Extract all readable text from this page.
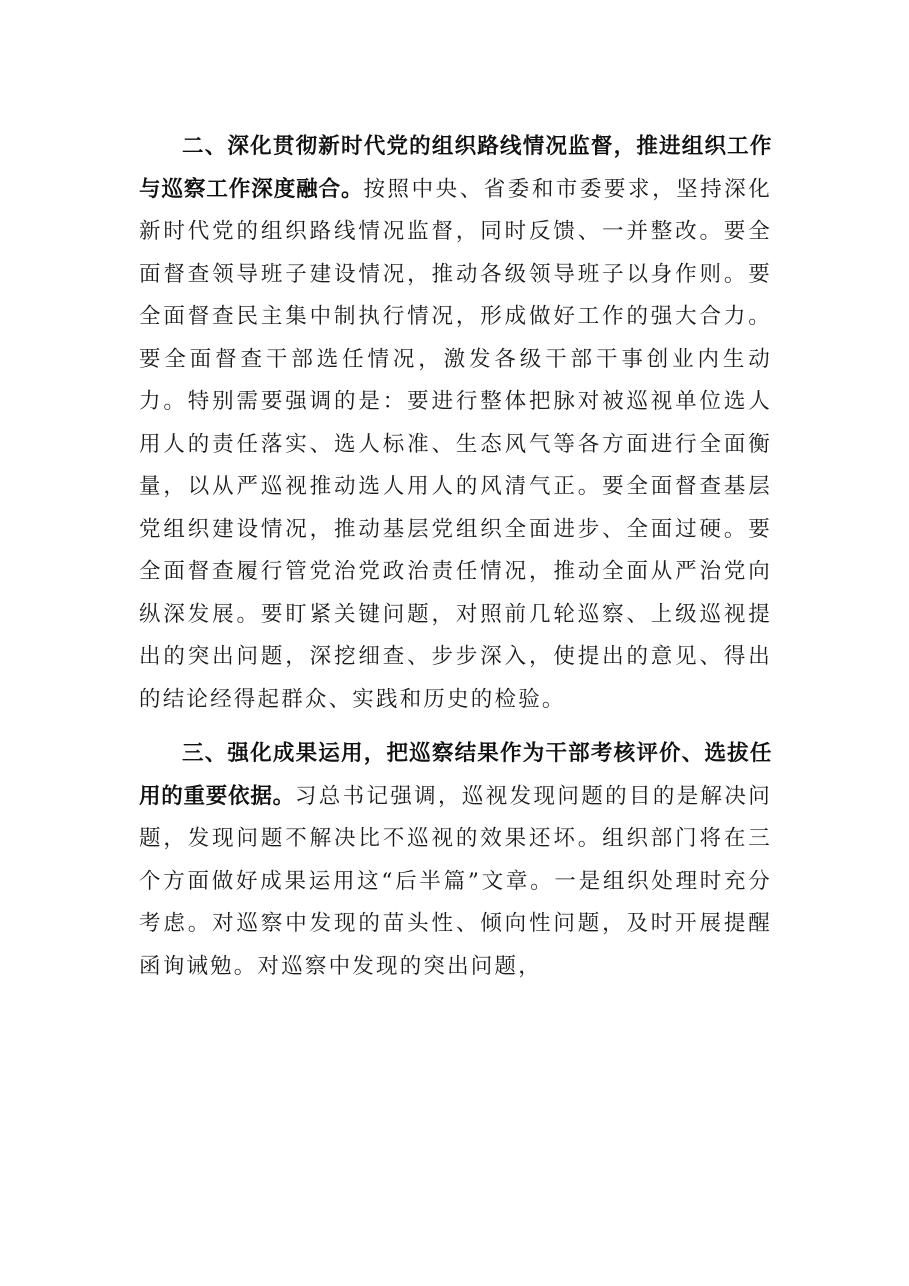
二、深化贯彻新时代党的组织路线情况监督，推进组织工作与巡察工作深度融合。按照中央、省委和市委要求，坚持深化新时代党的组织路线情况监督，同时反馈、一并整改。要全面督查领导班子建设情况，推动各级领导班子以身作则。要全面督查民主集中制执行情况，形成做好工作的强大合力。要全面督查干部选任情况，激发各级干部干事创业内生动力。特别需要强调的是：要进行整体把脉对被巡视单位选人用人的责任落实、选人标准、生态风气等各方面进行全面衡量，以从严巡视推动选人用人的风清气正。要全面督查基层党组织建设情况，推动基层党组织全面进步、全面过硬。要全面督查履行管党治党政治责任情况，推动全面从严治党向纵深发展。要盯紧关键问题，对照前几轮巡察、上级巡视提出的突出问题，深挖细查、步步深入，使提出的意见、得出的结论经得起群众、实践和历史的检验。

三、强化成果运用，把巡察结果作为干部考核评价、选拔任用的重要依据。习总书记强调，巡视发现问题的目的是解决问题，发现问题不解决比不巡视的效果还坏。组织部门将在三个方面做好成果运用这“后半篇”文章。一是组织处理时充分考虑。对巡察中发现的苗头性、倾向性问题，及时开展提醒函询诫勉。对巡察中发现的突出问题，
